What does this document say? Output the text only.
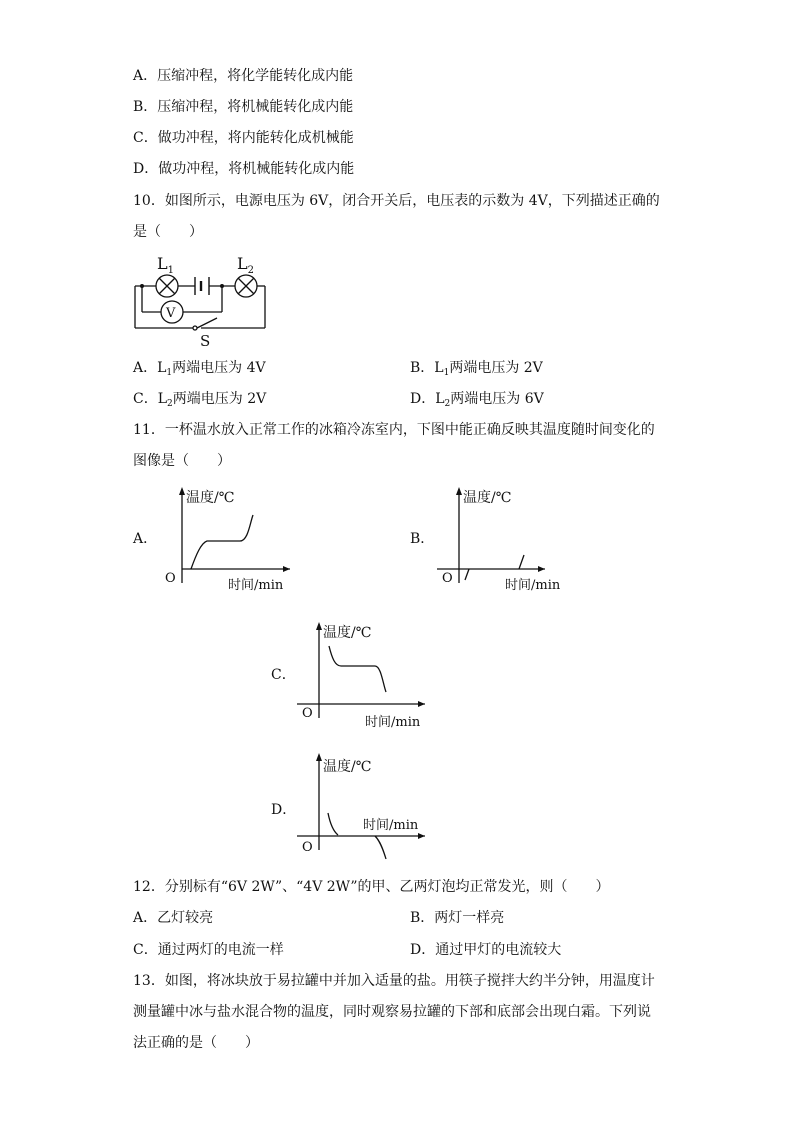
A．压缩冲程，将化学能转化成内能
B．压缩冲程，将机械能转化成内能
C．做功冲程，将内能转化成机械能
D．做功冲程，将机械能转化成内能
10．如图所示，电源电压为 6V，闭合开关后，电压表的示数为 4V，下列描述正确的
是（　　）
$L_1$	$L_2$
V
S
A．$L_1$两端电压为 4V	B．$L_1$两端电压为 2V
C．$L_2$两端电压为 2V	D．$L_2$两端电压为 6V
11．一杯温水放入正常工作的冰箱冷冻室内，下图中能正确反映其温度随时间变化的
图像是（　　）
A．	B．
C．
D．
温度/℃
O	时间/min
温度/℃
O	时间/min
温度/℃
O
时间/min
温度/℃
O
时间/min
12．分别标有“6V 2W”、“4V 2W”的甲、乙两灯泡均正常发光，则（　　）
A．乙灯较亮	B．两灯一样亮
C．通过两灯的电流一样	D．通过甲灯的电流较大
13．如图，将冰块放于易拉罐中并加入适量的盐。用筷子搅拌大约半分钟，用温度计
测量罐中冰与盐水混合物的温度，同时观察易拉罐的下部和底部会出现白霜。下列说
法正确的是（　　）
